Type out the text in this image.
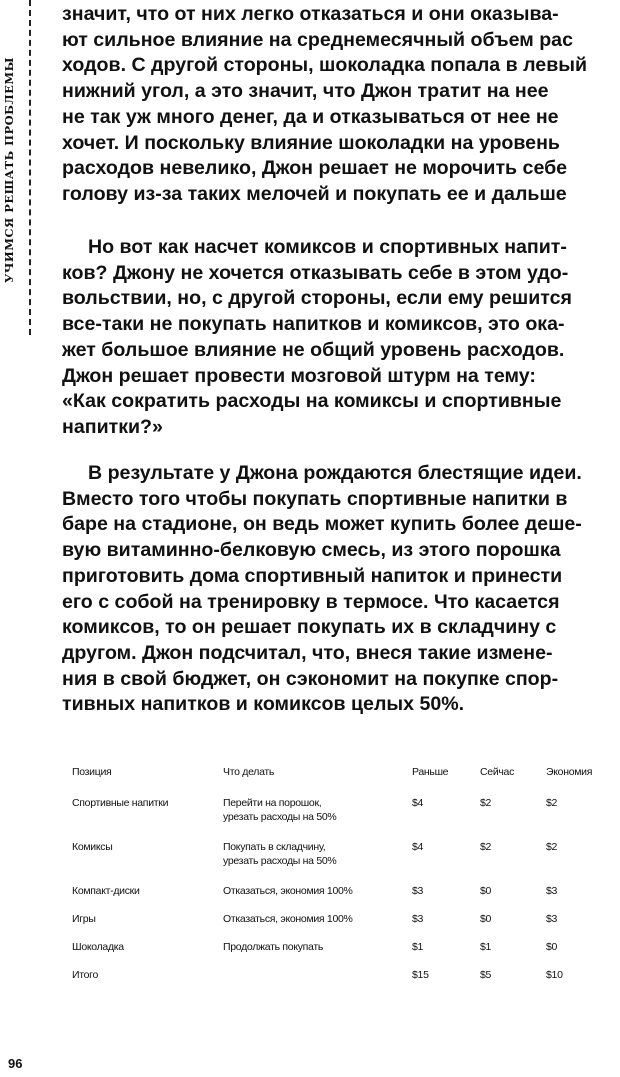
УЧИМСЯ РЕШАТЬ ПРОБЛЕМЫ
значит, что от них легко отказаться и они оказыва-
ют сильное влияние на среднемесячный объем рас
ходов. С другой стороны, шоколадка попала в левый
нижний угол, а это значит, что Джон тратит на нее
не так уж много денег, да и отказываться от нее не
хочет. И поскольку влияние шоколадки на уровень
расходов невелико, Джон решает не морочить себе
голову из-за таких мелочей и покупать ее и дальше
Но вот как насчет комиксов и спортивных напит-
ков? Джону не хочется отказывать себе в этом удо-
вольствии, но, с другой стороны, если ему решится
все-таки не покупать напитков и комиксов, это ока-
жет большое влияние не общий уровень расходов.
Джон решает провести мозговой штурм на тему:
«Как сократить расходы на комиксы и спортивные
напитки?»
В результате у Джона рождаются блестящие идеи.
Вместо того чтобы покупать спортивные напитки в
баре на стадионе, он ведь может купить более деше-
вую витаминно-белковую смесь, из этого порошка
приготовить дома спортивный напиток и принести
его с собой на тренировку в термосе. Что касается
комиксов, то он решает покупать их в складчину с
другом. Джон подсчитал, что, внеся такие измене-
ния в свой бюджет, он сэкономит на покупке спор-
тивных напитков и комиксов целых 50%.
Позиция	Что делать	Раньше	Сейчас	Экономия
Спортивные напитки	Перейти на порошок,
урезать расходы на 50%	$4	$2	$2
Комиксы	Покупать в складчину,
урезать расходы на 50%	$4	$2	$2
Компакт-диски	Отказаться, экономия 100%	$3	$0	$3
Игры	Отказаться, экономия 100%	$3	$0	$3
Шоколадка	Продолжать покупать	$1	$1	$0
Итого		$15	$5	$10
96
